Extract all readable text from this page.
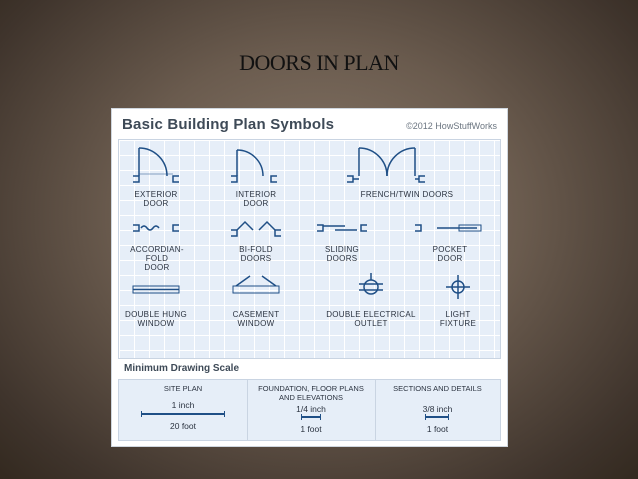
DOORS IN PLAN
Basic Building Plan Symbols	©2012 HowStuffWorks
EXTERIOR
DOOR
INTERIOR
DOOR
FRENCH/TWIN DOORS
ACCORDIAN-FOLD
DOOR
BI-FOLD
DOORS
SLIDING
DOORS
POCKET
DOOR
DOUBLE HUNG
WINDOW
CASEMENT
WINDOW
DOUBLE ELECTRICAL
OUTLET
LIGHT
FIXTURE
Minimum Drawing Scale
SITE PLAN
1 inch
20 foot
FOUNDATION, FLOOR PLANS
AND ELEVATIONS
1/4 inch
1 foot
SECTIONS AND DETAILS
3/8 inch
1 foot
